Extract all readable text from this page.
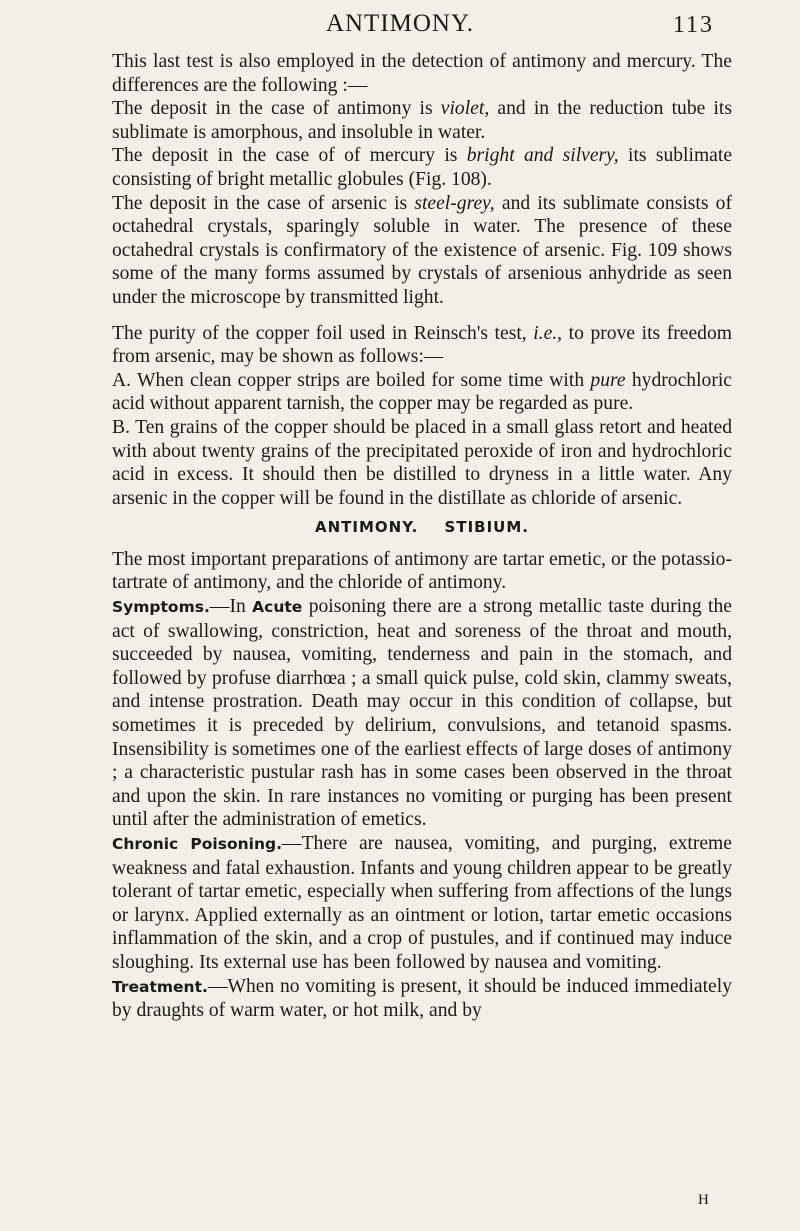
ANTIMONY.	113

This last test is also employed in the detection of antimony and mercury. The differences are the following :—

The deposit in the case of antimony is violet, and in the reduction tube its sublimate is amorphous, and insoluble in water.

The deposit in the case of of mercury is bright and silvery, its sublimate consisting of bright metallic globules (Fig. 108).

The deposit in the case of arsenic is steel-grey, and its sublimate consists of octahedral crystals, sparingly soluble in water. The presence of these octahedral crystals is confirmatory of the existence of arsenic. Fig. 109 shows some of the many forms assumed by crystals of arsenious anhydride as seen under the microscope by transmitted light.

The purity of the copper foil used in Reinsch's test, i.e., to prove its freedom from arsenic, may be shown as follows:—

A. When clean copper strips are boiled for some time with pure hydrochloric acid without apparent tarnish, the copper may be regarded as pure.

B. Ten grains of the copper should be placed in a small glass retort and heated with about twenty grains of the precipitated peroxide of iron and hydrochloric acid in excess. It should then be distilled to dryness in a little water. Any arsenic in the copper will be found in the distillate as chloride of arsenic.

ANTIMONY. STIBIUM.

The most important preparations of antimony are tartar emetic, or the potassio-tartrate of antimony, and the chloride of antimony.

Symptoms.—In Acute poisoning there are a strong metallic taste during the act of swallowing, constriction, heat and soreness of the throat and mouth, succeeded by nausea, vomiting, tenderness and pain in the stomach, and followed by profuse diarrhœa ; a small quick pulse, cold skin, clammy sweats, and intense prostration. Death may occur in this condition of collapse, but sometimes it is preceded by delirium, convulsions, and tetanoid spasms. Insensibility is sometimes one of the earliest effects of large doses of antimony ; a characteristic pustular rash has in some cases been observed in the throat and upon the skin. In rare instances no vomiting or purging has been present until after the administration of emetics.

Chronic Poisoning.—There are nausea, vomiting, and purging, extreme weakness and fatal exhaustion. Infants and young children appear to be greatly tolerant of tartar emetic, especially when suffering from affections of the lungs or larynx. Applied externally as an ointment or lotion, tartar emetic occasions inflammation of the skin, and a crop of pustules, and if continued may induce sloughing. Its external use has been followed by nausea and vomiting.

Treatment.—When no vomiting is present, it should be induced immediately by draughts of warm water, or hot milk, and by

H
